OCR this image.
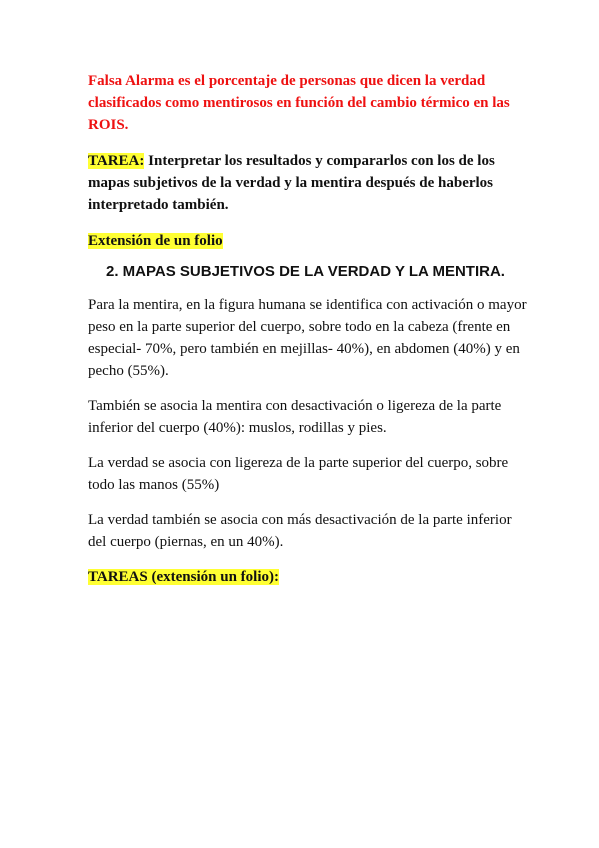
Falsa Alarma es el porcentaje de personas que dicen la verdad clasificados como mentirosos en función del cambio térmico en las ROIS.

TAREA: Interpretar los resultados y compararlos con los de los mapas subjetivos de la verdad y la mentira después de haberlos interpretado también.

Extensión de un folio

2. MAPAS SUBJETIVOS DE LA VERDAD Y LA MENTIRA.

Para la mentira, en la figura humana se identifica con activación o mayor peso en la parte superior del cuerpo, sobre todo en la cabeza (frente en especial- 70%, pero también en mejillas- 40%), en abdomen (40%) y en pecho (55%).

También se asocia la mentira con desactivación o ligereza de la parte inferior del cuerpo (40%): muslos, rodillas y pies.

La verdad se asocia con ligereza de la parte superior del cuerpo, sobre todo las manos (55%)

La verdad también se asocia con más desactivación de la parte inferior del cuerpo (piernas, en un 40%).

TAREAS (extensión un folio):
